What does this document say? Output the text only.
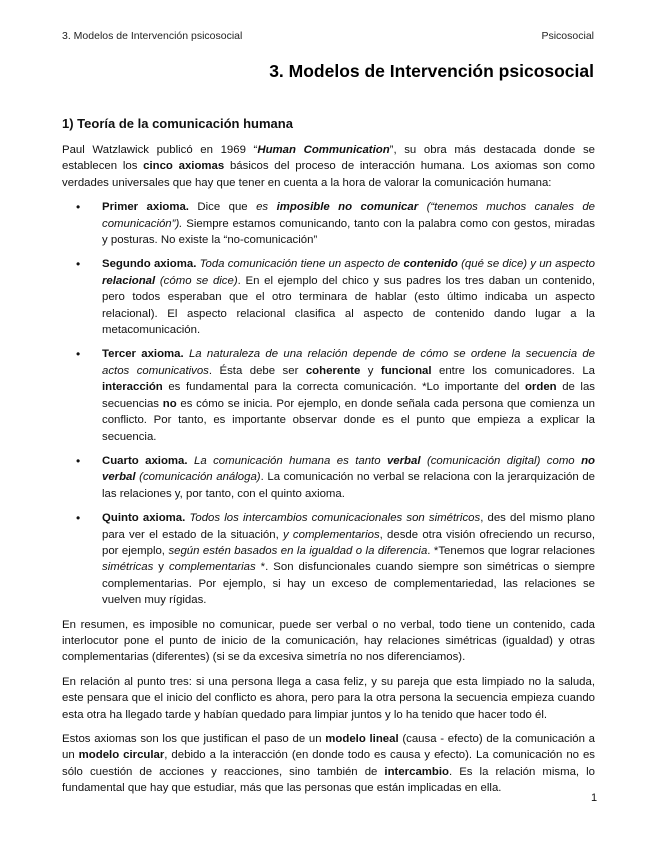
3. Modelos de Intervención psicosocial	Psicosocial
3. Modelos de Intervención psicosocial
1) Teoría de la comunicación humana

Paul Watzlawick publicó en 1969 “Human Communication”, su obra más destacada donde se establecen los cinco axiomas básicos del proceso de interacción humana. Los axiomas son como verdades universales que hay que tener en cuenta a la hora de valorar la comunicación humana:

• Primer axioma. Dice que es imposible no comunicar (“tenemos muchos canales de comunicación”). Siempre estamos comunicando, tanto con la palabra como con gestos, miradas y posturas. No existe la “no-comunicación”
• Segundo axioma. Toda comunicación tiene un aspecto de contenido (qué se dice) y un aspecto relacional (cómo se dice). En el ejemplo del chico y sus padres los tres daban un contenido, pero todos esperaban que el otro terminara de hablar (esto último indicaba un aspecto relacional). El aspecto relacional clasifica al aspecto de contenido dando lugar a la metacomunicación.
• Tercer axioma. La naturaleza de una relación depende de cómo se ordene la secuencia de actos comunicativos. Ésta debe ser coherente y funcional entre los comunicadores. La interacción es fundamental para la correcta comunicación. *Lo importante del orden de las secuencias no es cómo se inicia. Por ejemplo, en donde señala cada persona que comienza un conflicto. Por tanto, es importante observar donde es el punto que empieza a explicar la secuencia.
• Cuarto axioma. La comunicación humana es tanto verbal (comunicación digital) como no verbal (comunicación análoga). La comunicación no verbal se relaciona con la jerarquización de las relaciones y, por tanto, con el quinto axioma.
• Quinto axioma. Todos los intercambios comunicacionales son simétricos, des del mismo plano para ver el estado de la situación, y complementarios, desde otra visión ofreciendo un recurso, por ejemplo, según estén basados en la igualdad o la diferencia. *Tenemos que lograr relaciones simétricas y complementarias *. Son disfuncionales cuando siempre son simétricas o siempre complementarias. Por ejemplo, si hay un exceso de complementariedad, las relaciones se vuelven muy rígidas.

En resumen, es imposible no comunicar, puede ser verbal o no verbal, todo tiene un contenido, cada interlocutor pone el punto de inicio de la comunicación, hay relaciones simétricas (igualdad) y otras complementarias (diferentes) (si se da excesiva simetría no nos diferenciamos).

En relación al punto tres: si una persona llega a casa feliz, y su pareja que esta limpiado no la saluda, este pensara que el inicio del conflicto es ahora, pero para la otra persona la secuencia empieza cuando esta otra ha llegado tarde y habían quedado para limpiar juntos y lo ha tenido que hacer todo él.

Estos axiomas son los que justifican el paso de un modelo lineal (causa - efecto) de la comunicación a un modelo circular, debido a la interacción (en donde todo es causa y efecto). La comunicación no es sólo cuestión de acciones y reacciones, sino también de intercambio. Es la relación misma, lo fundamental que hay que estudiar, más que las personas que están implicadas en ella.

1
